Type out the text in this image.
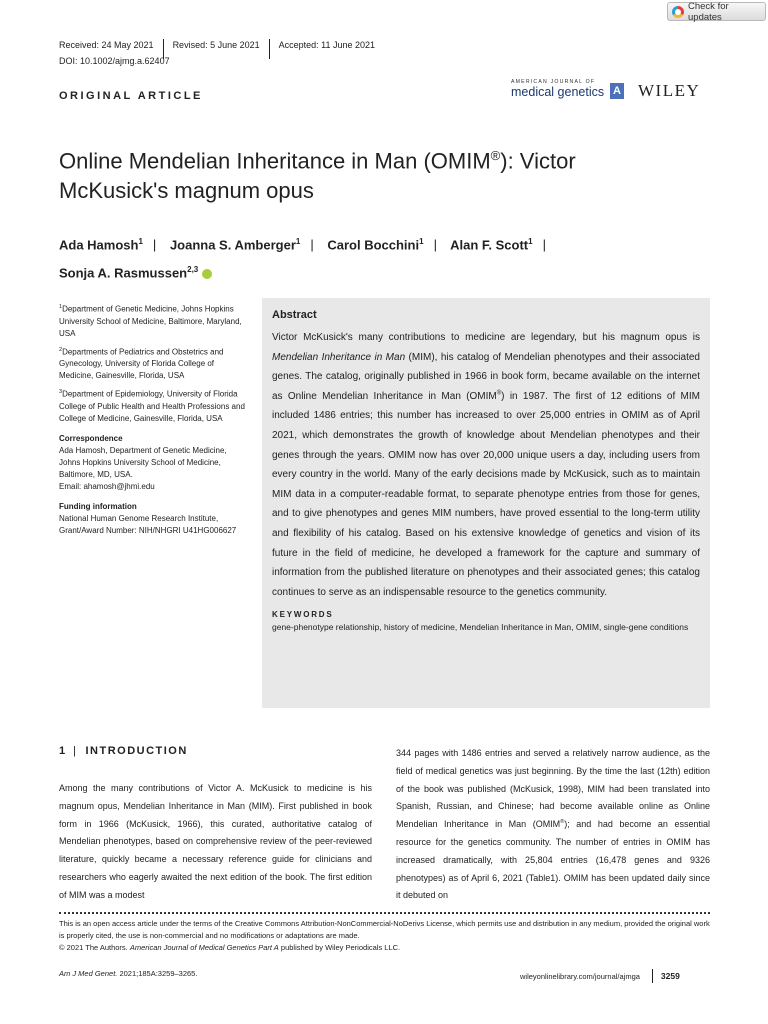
Check for updates
Received: 24 May 2021	Revised: 5 June 2021	Accepted: 11 June 2021
DOI: 10.1002/ajmg.a.62407
ORIGINAL ARTICLE
AMERICAN JOURNAL OF
medical genetics A WILEY
Online Mendelian Inheritance in Man (OMIM®): Victor
McKusick's magnum opus
Ada Hamosh$^1$ | Joanna S. Amberger$^1$ | Carol Bocchini$^1$ | Alan F. Scott$^1$ |
Sonja A. Rasmussen$^{2,3}$iD

$^1$Department of Genetic Medicine, Johns Hopkins University School of Medicine, Baltimore, Maryland, USA

$^2$Departments of Pediatrics and Obstetrics and Gynecology, University of Florida College of Medicine, Gainesville, Florida, USA

$^3$Department of Epidemiology, University of Florida College of Public Health and Health Professions and College of Medicine, Gainesville, Florida, USA

Correspondence

Ada Hamosh, Department of Genetic Medicine, Johns Hopkins University School of Medicine, Baltimore, MD, USA.

Email: ahamosh@jhmi.edu

Funding information

National Human Genome Research Institute, Grant/Award Number: NIH/NHGRI U41HG006627

Abstract
Victor McKusick's many contributions to medicine are legendary, but his magnum opus is Mendelian Inheritance in Man (MIM), his catalog of Mendelian phenotypes and their associated genes. The catalog, originally published in 1966 in book form, became available on the internet as Online Mendelian Inheritance in Man (OMIM®) in 1987. The first of 12 editions of MIM included 1486 entries; this number has increased to over 25,000 entries in OMIM as of April 2021, which demonstrates the growth of knowledge about Mendelian phenotypes and their genes through the years. OMIM now has over 20,000 unique users a day, including users from every country in the world. Many of the early decisions made by McKusick, such as to maintain MIM data in a computer-readable format, to separate phenotype entries from those for genes, and to give phenotypes and genes MIM numbers, have proved essential to the long-term utility and flexibility of his catalog. Based on his extensive knowledge of genetics and vision of its future in the field of medicine, he developed a framework for the capture and summary of information from the published literature on phenotypes and their associated genes; this catalog continues to serve as an indispensable resource to the genetics community.
KEYWORDS
gene-phenotype relationship, history of medicine, Mendelian Inheritance in Man, OMIM, single-gene conditions
1 | INTRODUCTION
Among the many contributions of Victor A. McKusick to medicine is his magnum opus, Mendelian Inheritance in Man (MIM). First published in book form in 1966 (McKusick, 1966), this curated, authoritative catalog of Mendelian phenotypes, based on comprehensive review of the peer-reviewed literature, quickly became a necessary reference guide for clinicians and researchers who eagerly awaited the next edition of the book. The first edition of MIM was a modest
344 pages with 1486 entries and served a relatively narrow audience, as the field of medical genetics was just beginning. By the time the last (12th) edition of the book was published (McKusick, 1998), MIM had been translated into Spanish, Russian, and Chinese; had become available online as Online Mendelian Inheritance in Man (OMIM®); and had become an essential resource for the genetics community. The number of entries in OMIM has increased dramatically, with 25,804 entries (16,478 genes and 9326 phenotypes) as of April 6, 2021 (Table1). OMIM has been updated daily since it debuted on
This is an open access article under the terms of the Creative Commons Attribution-NonCommercial-NoDerivs License, which permits use and distribution in any medium, provided the original work is properly cited, the use is non-commercial and no modifications or adaptations are made.
© 2021 The Authors. American Journal of Medical Genetics Part A published by Wiley Periodicals LLC.
Am J Med Genet. 2021;185A:3259–3265.	wileyonlinelibrary.com/journal/ajmga 3259
